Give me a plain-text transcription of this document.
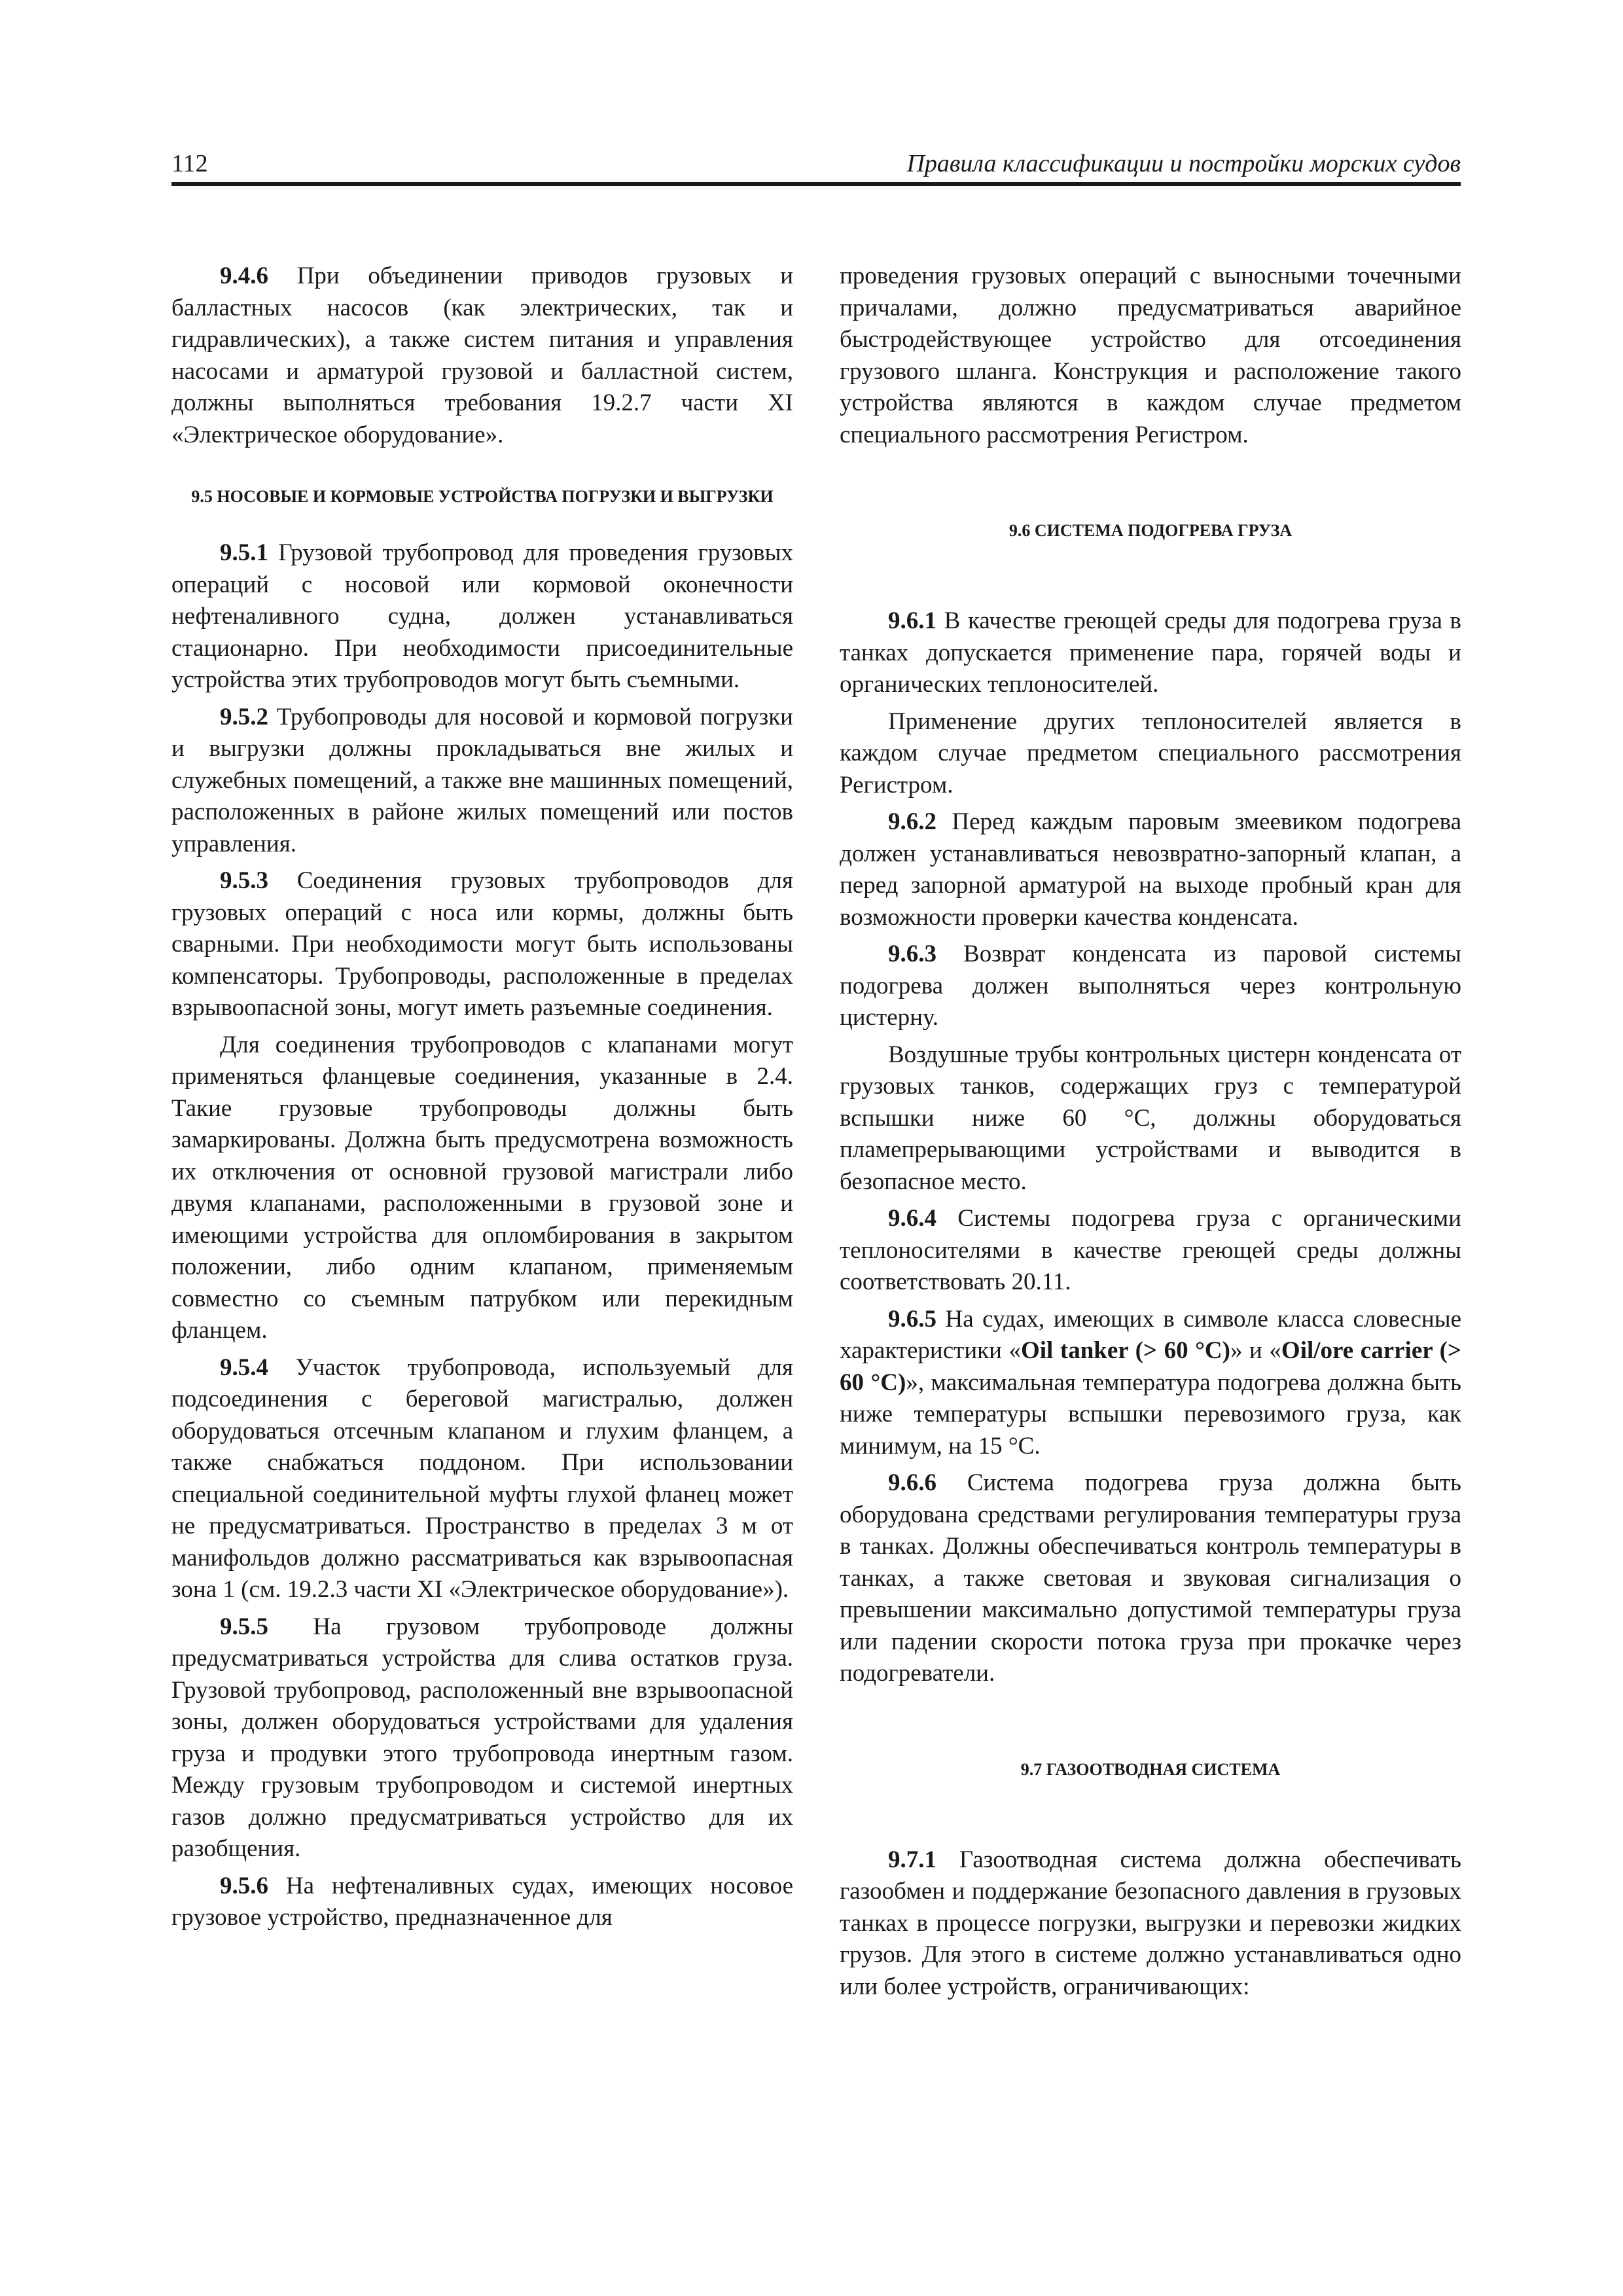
112	Правила классификации и постройки морских судов

9.4.6 При объединении приводов грузовых и балластных насосов (как электрических, так и гидравлических), а также систем питания и управления насосами и арматурой грузовой и балластной систем, должны выполняться требования 19.2.7 части XI «Электрическое оборудование».

9.5 НОСОВЫЕ И КОРМОВЫЕ УСТРОЙСТВА ПОГРУЗКИ И ВЫГРУЗКИ

9.5.1 Грузовой трубопровод для проведения грузовых операций с носовой или кормовой оконечности нефтеналивного судна, должен устанавливаться стационарно. При необходимости присоединительные устройства этих трубопроводов могут быть съемными.

9.5.2 Трубопроводы для носовой и кормовой погрузки и выгрузки должны прокладываться вне жилых и служебных помещений, а также вне машинных помещений, расположенных в районе жилых помещений или постов управления.

9.5.3 Соединения грузовых трубопроводов для грузовых операций с носа или кормы, должны быть сварными. При необходимости могут быть использованы компенсаторы. Трубопроводы, расположенные в пределах взрывоопасной зоны, могут иметь разъемные соединения.

Для соединения трубопроводов с клапанами могут применяться фланцевые соединения, указанные в 2.4. Такие грузовые трубопроводы должны быть замаркированы. Должна быть предусмотрена возможность их отключения от основной грузовой магистрали либо двумя клапанами, расположенными в грузовой зоне и имеющими устройства для опломбирования в закрытом положении, либо одним клапаном, применяемым совместно со съемным патрубком или перекидным фланцем.

9.5.4 Участок трубопровода, используемый для подсоединения с береговой магистралью, должен оборудоваться отсечным клапаном и глухим фланцем, а также снабжаться поддоном. При использовании специальной соединительной муфты глухой фланец может не предусматриваться. Пространство в пределах 3 м от манифольдов должно рассматриваться как взрывоопасная зона 1 (см. 19.2.3 части XI «Электрическое оборудование»).

9.5.5 На грузовом трубопроводе должны предусматриваться устройства для слива остатков груза. Грузовой трубопровод, расположенный вне взрывоопасной зоны, должен оборудоваться устройствами для удаления груза и продувки этого трубопровода инертным газом. Между грузовым трубопроводом и системой инертных газов должно предусматриваться устройство для их разобщения.

9.5.6 На нефтеналивных судах, имеющих носовое грузовое устройство, предназначенное для

проведения грузовых операций с выносными точечными причалами, должно предусматриваться аварийное быстродействующее устройство для отсоединения грузового шланга. Конструкция и расположение такого устройства являются в каждом случае предметом специального рассмотрения Регистром.

9.6 СИСТЕМА ПОДОГРЕВА ГРУЗА

9.6.1 В качестве греющей среды для подогрева груза в танках допускается применение пара, горячей воды и органических теплоносителей.

Применение других теплоносителей является в каждом случае предметом специального рассмотрения Регистром.

9.6.2 Перед каждым паровым змеевиком подогрева должен устанавливаться невозвратно-запорный клапан, а перед запорной арматурой на выходе пробный кран для возможности проверки качества конденсата.

9.6.3 Возврат конденсата из паровой системы подогрева должен выполняться через контрольную цистерну.

Воздушные трубы контрольных цистерн конденсата от грузовых танков, содержащих груз с температурой вспышки ниже 60 °С, должны оборудоваться пламепрерывающими устройствами и выводится в безопасное место.

9.6.4 Системы подогрева груза с органическими теплоносителями в качестве греющей среды должны соответствовать 20.11.

9.6.5 На судах, имеющих в символе класса словесные характеристики «Oil tanker (> 60 °C)» и «Oil/ore carrier (> 60 °C)», максимальная температура подогрева должна быть ниже температуры вспышки перевозимого груза, как минимум, на 15 °С.

9.6.6 Система подогрева груза должна быть оборудована средствами регулирования температуры груза в танках. Должны обеспечиваться контроль температуры в танках, а также световая и звуковая сигнализация о превышении максимально допустимой температуры груза или падении скорости потока груза при прокачке через подогреватели.

9.7 ГАЗООТВОДНАЯ СИСТЕМА

9.7.1 Газоотводная система должна обеспечивать газообмен и поддержание безопасного давления в грузовых танках в процессе погрузки, выгрузки и перевозки жидких грузов. Для этого в системе должно устанавливаться одно или более устройств, ограничивающих:
